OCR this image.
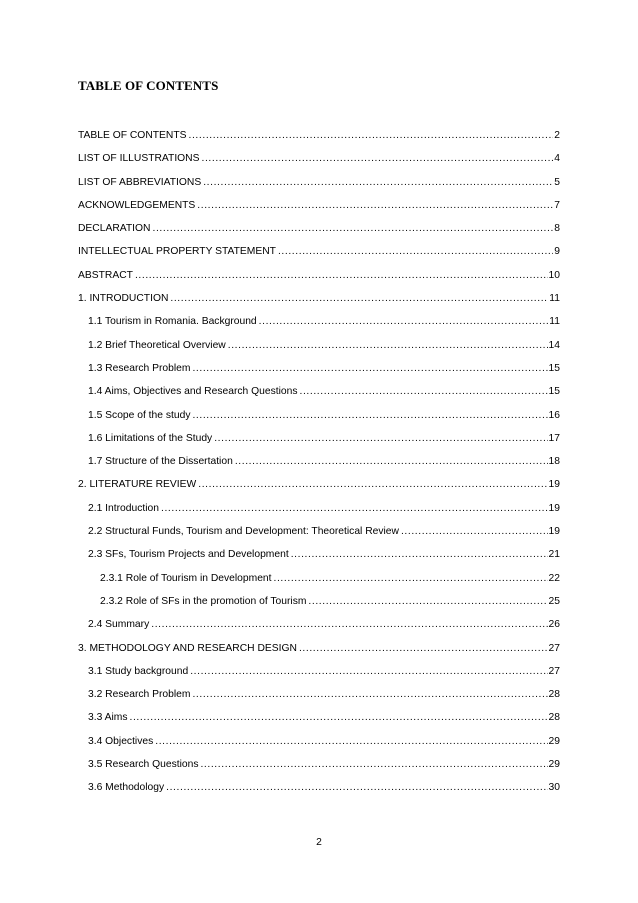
TABLE OF CONTENTS
TABLE OF CONTENTS .....	2
LIST OF ILLUSTRATIONS .....	4
LIST OF ABBREVIATIONS .....	5
ACKNOWLEDGEMENTS .....	7
DECLARATION .....	8
INTELLECTUAL PROPERTY STATEMENT .....	9
ABSTRACT .....	10
1. INTRODUCTION .....	11
1.1 Tourism in Romania. Background .....	11
1.2 Brief Theoretical Overview .....	14
1.3 Research Problem .....	15
1.4 Aims, Objectives and Research Questions .....	15
1.5 Scope of the study .....	16
1.6 Limitations of the Study .....	17
1.7 Structure of the Dissertation .....	18
2. LITERATURE REVIEW .....	19
2.1 Introduction .....	19
2.2 Structural Funds, Tourism and Development: Theoretical Review .....	19
2.3 SFs, Tourism Projects and Development .....	21
2.3.1 Role of Tourism in Development .....	22
2.3.2 Role of SFs in the promotion of Tourism .....	25
2.4 Summary .....	26
3. METHODOLOGY AND RESEARCH DESIGN .....	27
3.1 Study background .....	27
3.2 Research Problem .....	28
3.3 Aims .....	28
3.4 Objectives .....	29
3.5 Research Questions .....	29
3.6 Methodology .....	30
2
